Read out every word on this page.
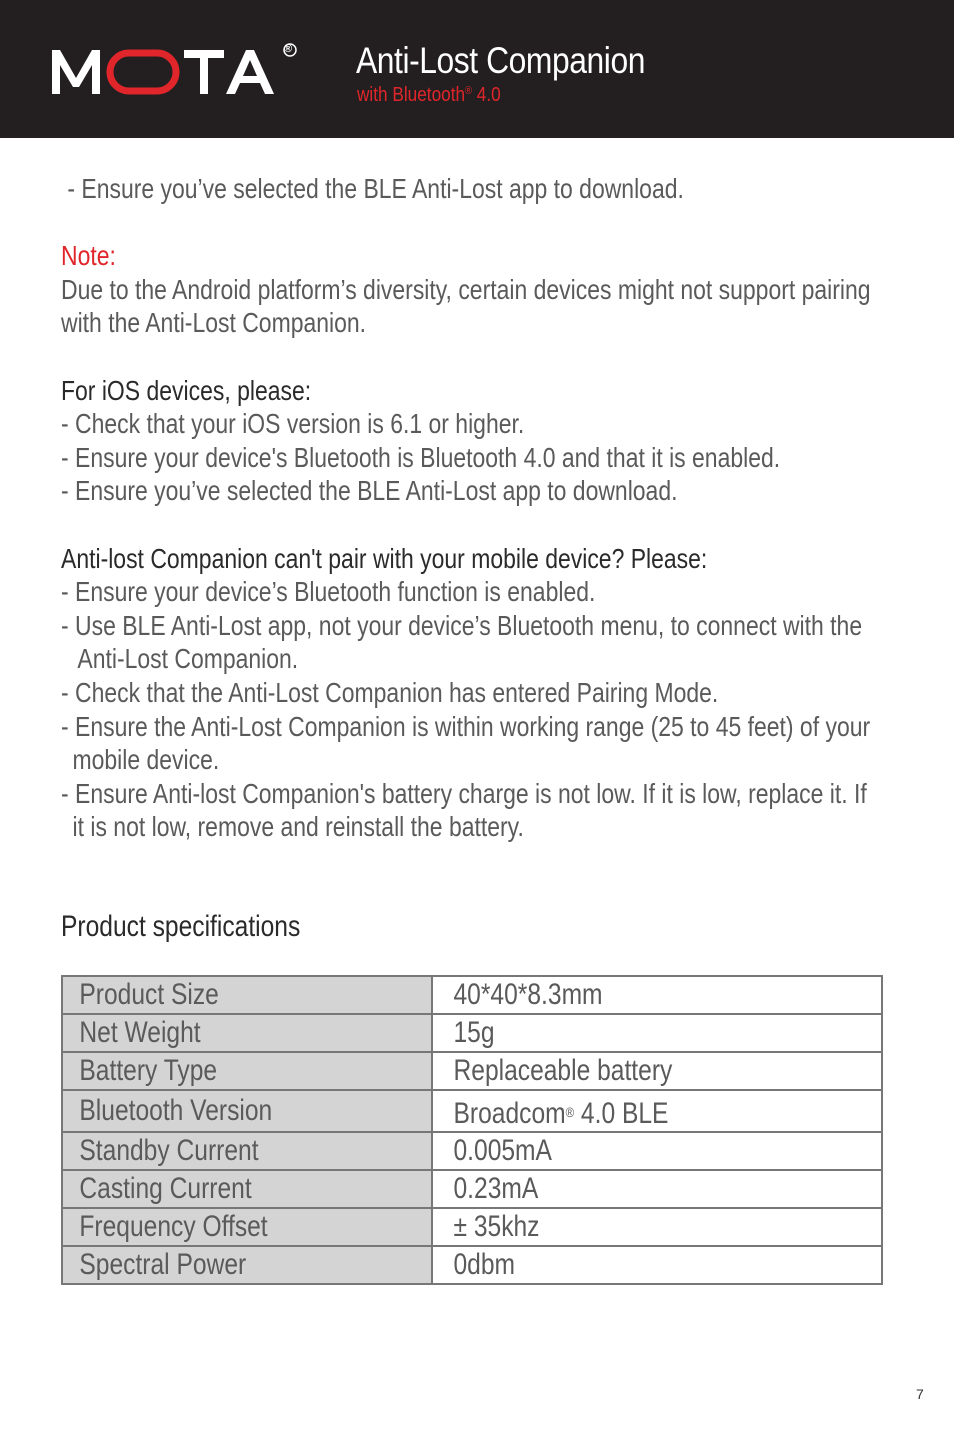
® Anti-Lost Companion
with Bluetooth® 4.0
- Ensure you’ve selected the BLE Anti-Lost app to download.
Note:
Due to the Android platform’s diversity, certain devices might not support pairing
with the Anti-Lost Companion.
For iOS devices, please:
- Check that your iOS version is 6.1 or higher.
- Ensure your device's Bluetooth is Bluetooth 4.0 and that it is enabled.
- Ensure you’ve selected the BLE Anti-Lost app to download.
Anti-lost Companion can't pair with your mobile device? Please:
- Ensure your device’s Bluetooth function is enabled.
- Use BLE Anti-Lost app, not your device’s Bluetooth menu, to connect with the
Anti-Lost Companion.
- Check that the Anti-Lost Companion has entered Pairing Mode.
- Ensure the Anti-Lost Companion is within working range (25 to 45 feet) of your
mobile device.
- Ensure Anti-lost Companion's battery charge is not low. If it is low, replace it. If
it is not low, remove and reinstall the battery.
Product specifications
Product Size	40*40*8.3mm

Net Weight	15g

Battery Type	Replaceable battery

Bluetooth Version	Broadcom® 4.0 BLE

Standby Current	0.005mA

Casting Current	0.23mA

Frequency Offset	± 35khz

Spectral Power	0dbm
7
